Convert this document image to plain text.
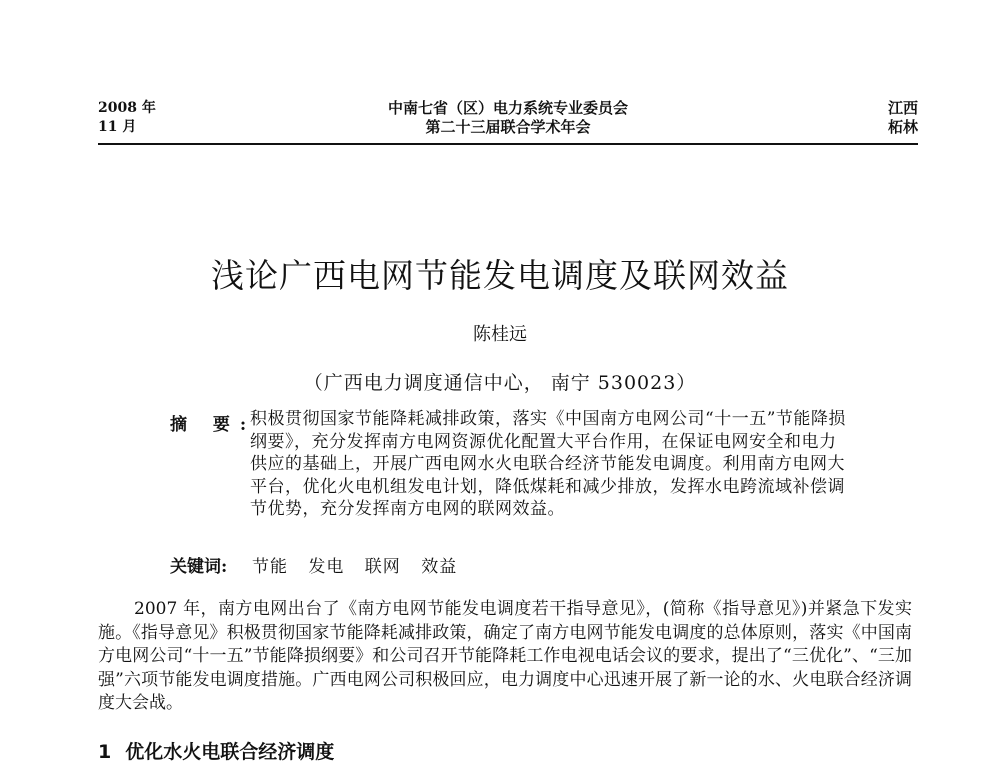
2008 年
11 月
中南七省（区）电力系统专业委员会
第二十三届联合学术年会
江西
柘林
浅论广西电网节能发电调度及联网效益
陈桂远
（广西电力调度通信中心， 南宁 530023）
摘 要:
积极贯彻国家节能降耗减排政策，落实《中国南方电网公司“十一五”节能降损纲要》，充分发挥南方电网资源优化配置大平台作用，在保证电网安全和电力供应的基础上，开展广西电网水火电联合经济节能发电调度。利用南方电网大平台，优化火电机组发电计划，降低煤耗和减少排放，发挥水电跨流域补偿调节优势，充分发挥南方电网的联网效益。
关键词: 节能 发电 联网 效益
2007 年，南方电网出台了《南方电网节能发电调度若干指导意见》，(简称《指导意见》)并紧急下发实施。《指导意见》积极贯彻国家节能降耗减排政策，确定了南方电网节能发电调度的总体原则，落实《中国南方电网公司“十一五”节能降损纲要》和公司召开节能降耗工作电视电话会议的要求，提出了“三优化”、“三加强”六项节能发电调度措施。广西电网公司积极回应，电力调度中心迅速开展了新一论的水、火电联合经济调度大会战。
1 优化水火电联合经济调度
